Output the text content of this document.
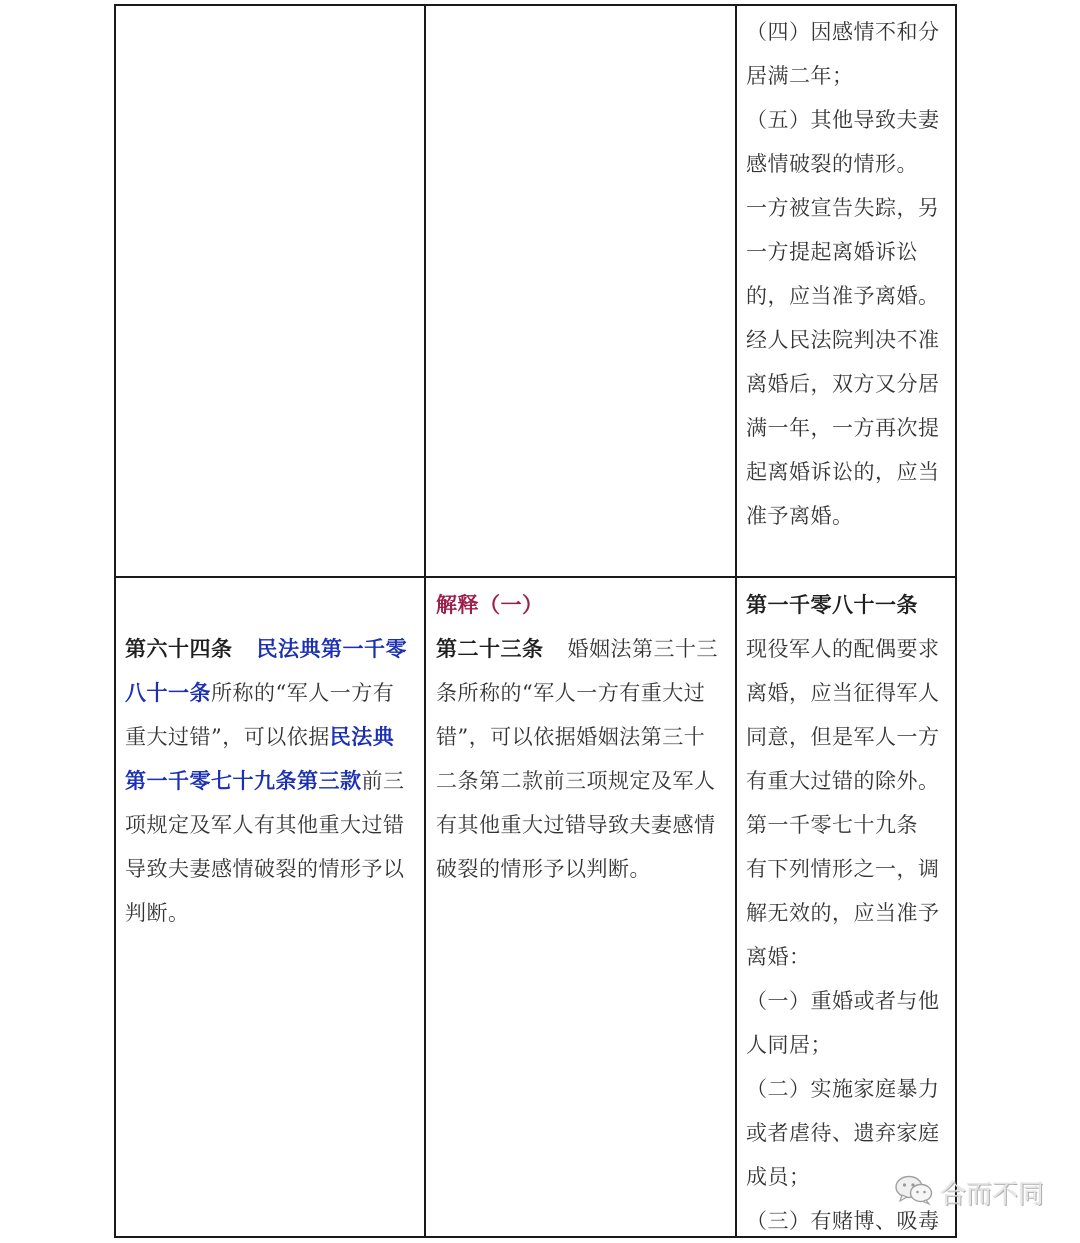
（四）因感情不和分
居满二年；
（五）其他导致夫妻
感情破裂的情形。
一方被宣告失踪，另
一方提起离婚诉讼
的，应当准予离婚。
经人民法院判决不准
离婚后，双方又分居
满一年，一方再次提
起离婚诉讼的，应当
准予离婚。
第六十四条 民法典第一千零
八十一条所称的“军人一方有
重大过错”，可以依据民法典
第一千零七十九条第三款前三
项规定及军人有其他重大过错
导致夫妻感情破裂的情形予以
判断。
解释（一）
第二十三条 婚姻法第三十三
条所称的“军人一方有重大过
错”，可以依据婚姻法第三十
二条第二款前三项规定及军人
有其他重大过错导致夫妻感情
破裂的情形予以判断。
第一千零八十一条
现役军人的配偶要求
离婚，应当征得军人
同意，但是军人一方
有重大过错的除外。
第一千零七十九条
有下列情形之一，调
解无效的，应当准予
离婚：
（一）重婚或者与他
人同居；
（二）实施家庭暴力
或者虐待、遗弃家庭
成员；
（三）有赌博、吸毒
合而不同
